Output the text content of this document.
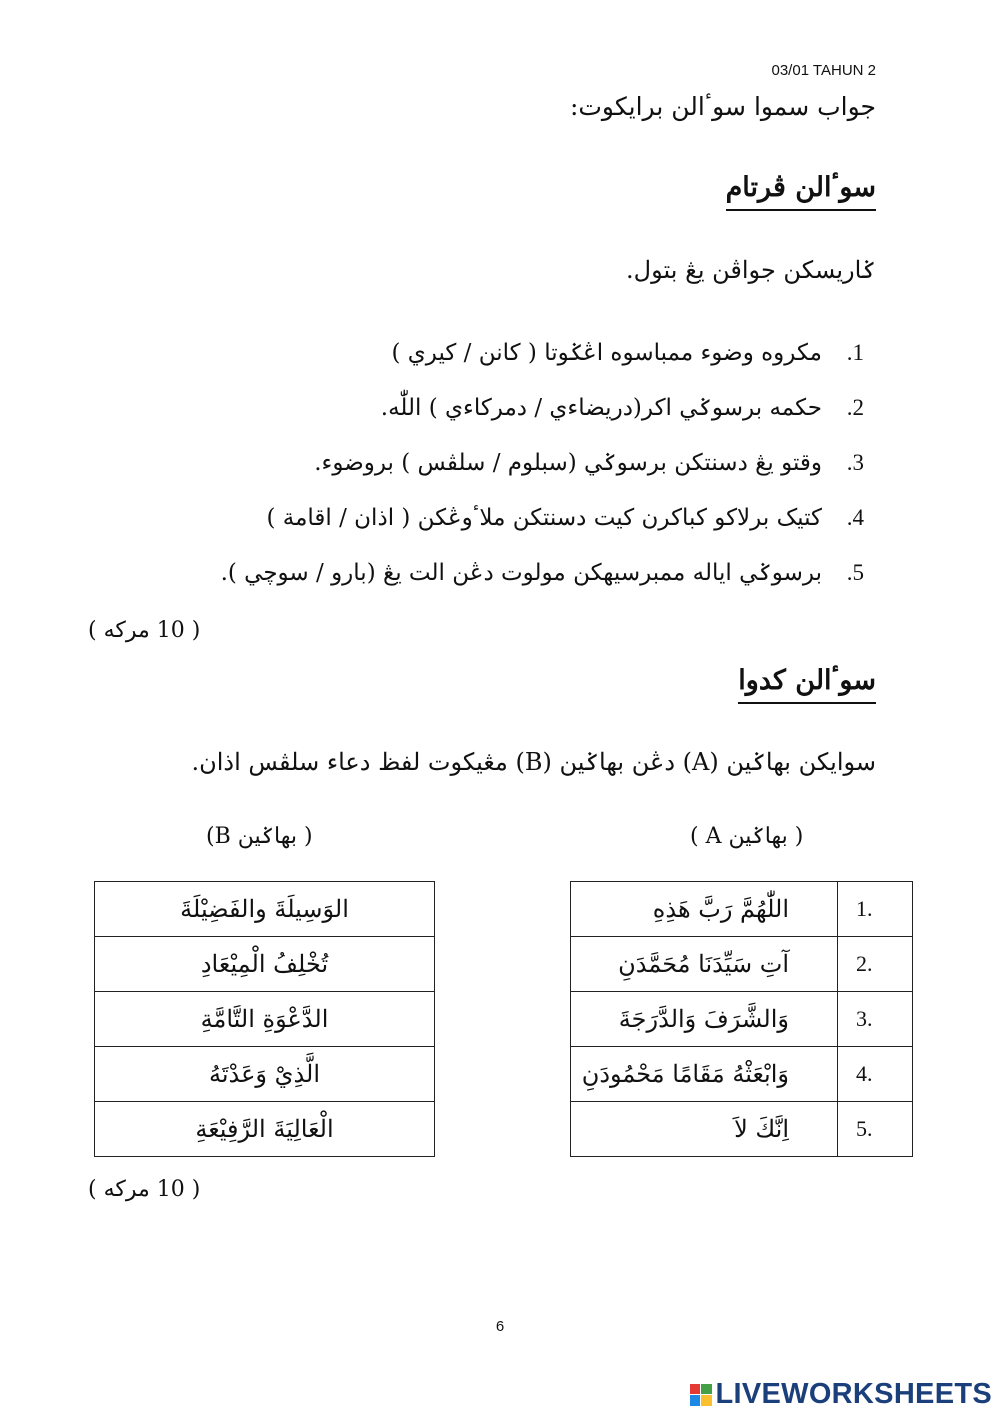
03/01 TAHUN 2
جواب سموا سوٴالن برايکوت:
سوٴالن ڤرتام
ݢاريسکن جواڤن يڠ بتول.
1.
مکروه وضوء ممباسوه اڠݢوتا ( کانن / کيري )
2.
حکمه برسوݢي اکر(دريضاءي / دمرکاءي ) اللّٰه.
3.
وقتو يڠ دسنتکن برسوݢي (سبلوم / سلڤس ) بروضوء.
4.
کتيک برلاکو کباکرن کيت دسنتکن ملاٴوڠکن ( اذان / اقامة )
5.
برسوݢي اياله ممبرسيهکن مولوت دڠن الت يڠ (بارو / سوچي ).
( 10 مرکه )
سوٴالن کدوا
سوايکن بهاݢين (A) دڠن بهاݢين (B) مڠيکوت لفظ دعاء سلڤس اذان.
( بهاݢين A )
( بهاݢين B)
اللّٰهُمَّ رَبَّ هَذِهِ	1.
آتِ سَيِّدَنَا مُحَمَّدَنِ	2.
وَالشَّرَفَ وَالدَّرَجَةَ	3.
وَابْعَثْهُ مَقَامًا مَحْمُودَنِ	4.
اِنَّكَ لاَ	5.
الوَسِيلَةَ والفَضِيْلَةَ
تُخْلِفُ الْمِيْعَادِ
الدَّعْوَةِ التَّامَّةِ
الَّذِيْ وَعَدْتَهُ
الْعَالِيَةَ الرَّفِيْعَةِ
( 10 مرکه )
6
LIVEWORKSHEETS
